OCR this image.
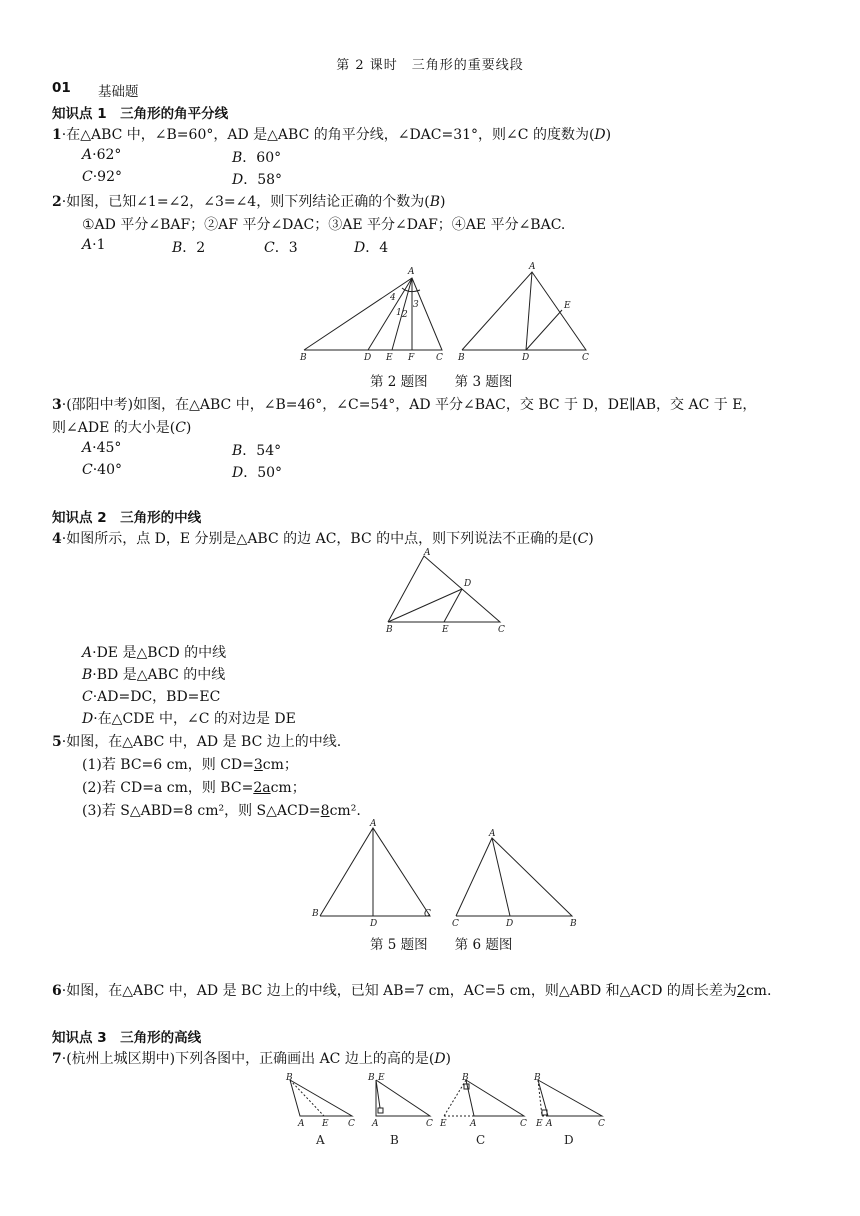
第 2 课时　三角形的重要线段
01 基础题
知识点 1　三角形的角平分线
1·在△ABC 中，∠B=60°，AD 是△ABC 的角平分线，∠DAC=31°，则∠C 的度数为(D)
A·62°	B．60°
C·92°	D．58°
2·如图，已知∠1=∠2，∠3=∠4，则下列结论正确的个数为(B)
①AD 平分∠BAF；②AF 平分∠DAC；③AE 平分∠DAF；④AE 平分∠BAC.
A·1	B．2	C．3	D．4
A
4
1 2
3
B	D E F C
A
E
B	D	C
第 2 题图　　第 3 题图
3·(邵阳中考)如图，在△ABC 中，∠B=46°，∠C=54°，AD 平分∠BAC，交 BC 于 D，DE∥AB，交 AC 于 E，
则∠ADE 的大小是(C)
A·45°	B．54°
C·40°	D．50°
知识点 2　三角形的中线
4·如图所示，点 D，E 分别是△ABC 的边 AC，BC 的中点，则下列说法不正确的是(C)
A
D
B	E	C
A·DE 是△BCD 的中线
B·BD 是△ABC 的中线
C·AD=DC，BD=EC
D·在△CDE 中，∠C 的对边是 DE
5·如图，在△ABC 中，AD 是 BC 边上的中线.
(1)若 BC=6 cm，则 CD=3cm；
(2)若 CD=a cm，则 BC=2acm；
(3)若 S△ABD=8 cm²，则 S△ACD=8cm².
A
B
D
C
A
C	D	B
第 5 题图　　第 6 题图
6·如图，在△ABC 中，AD 是 BC 边上的中线，已知 AB=7 cm，AC=5 cm，则△ABD 和△ACD 的周长差为2cm.
知识点 3　三角形的高线
7·(杭州上城区期中)下列各图中，正确画出 AC 边上的高的是(D)
B
A E C
B E
A	C
B
E	A	C
B
E A	C
A	B	C	D
